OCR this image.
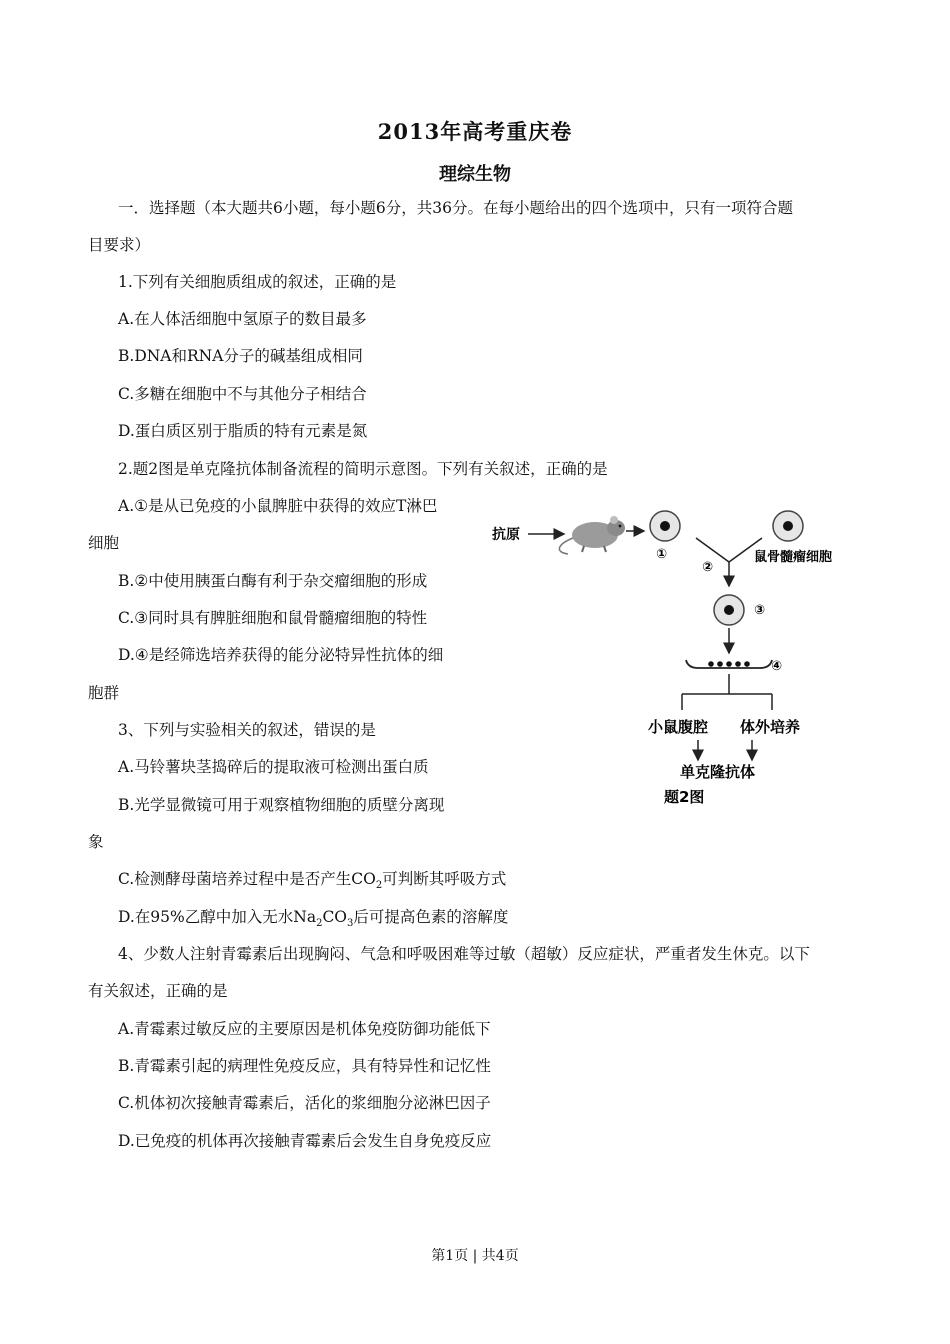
2013年高考重庆卷
理综生物
一．选择题（本大题共6小题，每小题6分，共36分。在每小题给出的四个选项中，只有一项符合题
目要求）
1.下列有关细胞质组成的叙述，正确的是
A.在人体活细胞中氢原子的数目最多
B.DNA和RNA分子的碱基组成相同
C.多糖在细胞中不与其他分子相结合
D.蛋白质区别于脂质的特有元素是氮
2.题2图是单克隆抗体制备流程的简明示意图。下列有关叙述，正确的是
A.①是从已免疫的小鼠脾脏中获得的效应T淋巴
细胞
B.②中使用胰蛋白酶有利于杂交瘤细胞的形成
C.③同时具有脾脏细胞和鼠骨髓瘤细胞的特性
D.④是经筛选培养获得的能分泌特异性抗体的细
胞群
3、下列与实验相关的叙述，错误的是
A.马铃薯块茎捣碎后的提取液可检测出蛋白质
B.光学显微镜可用于观察植物细胞的质壁分离现
象
C.检测酵母菌培养过程中是否产生$CO_2$可判断其呼吸方式
D.在95%乙醇中加入无水$Na_2CO_3$后可提高色素的溶解度
4、少数人注射青霉素后出现胸闷、气急和呼吸困难等过敏（超敏）反应症状，严重者发生休克。以下
有关叙述，正确的是
A.青霉素过敏反应的主要原因是机体免疫防御功能低下
B.青霉素引起的病理性免疫反应，具有特异性和记忆性
C.机体初次接触青霉素后，活化的浆细胞分泌淋巴因子
D.已免疫的机体再次接触青霉素后会发生自身免疫反应
抗原
①	鼠骨髓瘤细胞
②
③
④
小鼠腹腔 体外培养
单克隆抗体
题2图
第1页 | 共4页
